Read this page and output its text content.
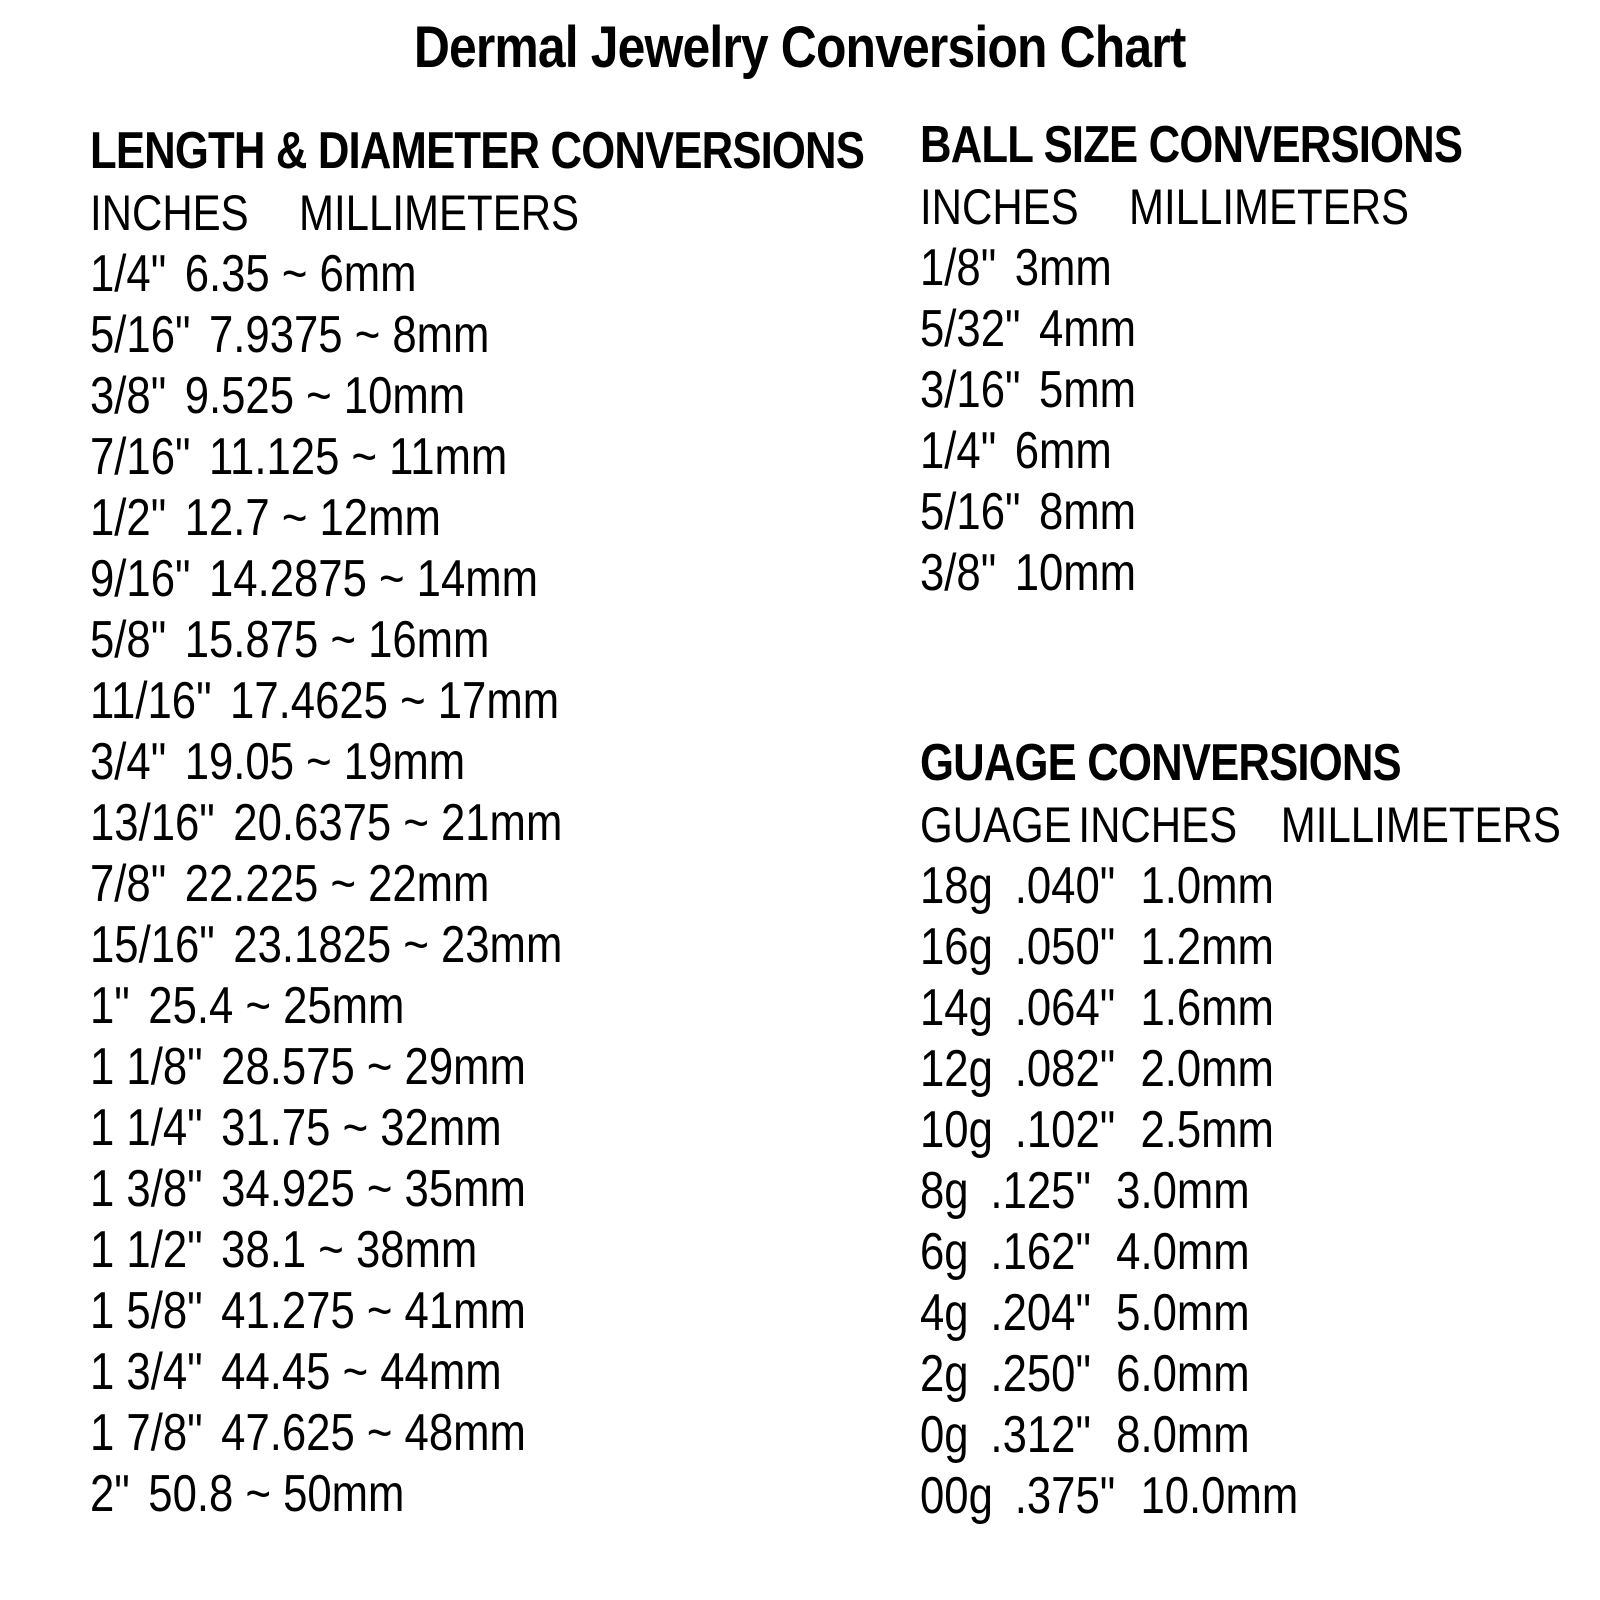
Dermal Jewelry Conversion Chart
LENGTH & DIAMETER CONVERSIONS
INCHES MILLIMETERS
1/4" 6.35 ~ 6mm
5/16" 7.9375 ~ 8mm
3/8" 9.525 ~ 10mm
7/16" 11.125 ~ 11mm
1/2" 12.7 ~ 12mm
9/16" 14.2875 ~ 14mm
5/8" 15.875 ~ 16mm
11/16" 17.4625 ~ 17mm
3/4" 19.05 ~ 19mm
13/16" 20.6375 ~ 21mm
7/8" 22.225 ~ 22mm
15/16" 23.1825 ~ 23mm
1" 25.4 ~ 25mm
1 1/8" 28.575 ~ 29mm
1 1/4" 31.75 ~ 32mm
1 3/8" 34.925 ~ 35mm
1 1/2" 38.1 ~ 38mm
1 5/8" 41.275 ~ 41mm
1 3/4" 44.45 ~ 44mm
1 7/8" 47.625 ~ 48mm
2" 50.8 ~ 50mm
BALL SIZE CONVERSIONS
INCHES MILLIMETERS
1/8" 3mm
5/32" 4mm
3/16" 5mm
1/4" 6mm
5/16" 8mm
3/8" 10mm
GUAGE CONVERSIONS
GUAGE INCHES MILLIMETERS
18g .040" 1.0mm
16g .050" 1.2mm
14g .064" 1.6mm
12g .082" 2.0mm
10g .102" 2.5mm
8g .125" 3.0mm
6g .162" 4.0mm
4g .204" 5.0mm
2g .250" 6.0mm
0g .312" 8.0mm
00g .375" 10.0mm
